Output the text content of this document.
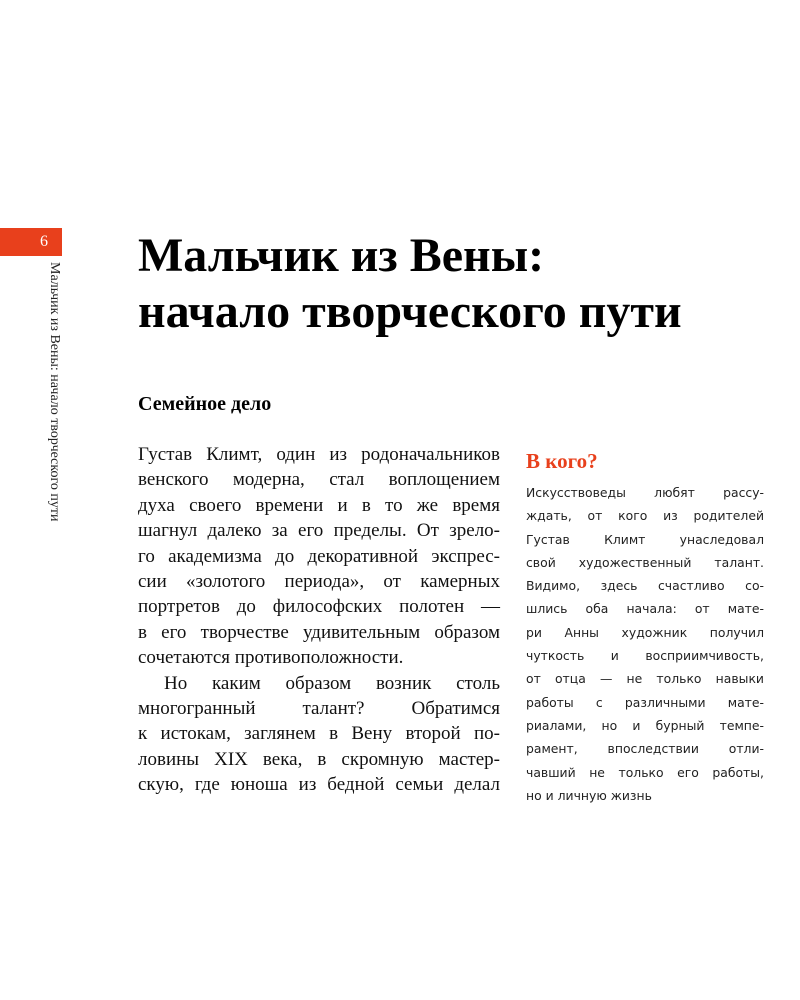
6
Мальчик из Вены: начало творческого пути
Мальчик из Вены:
начало творческого пути
Семейное дело
Густав Климт, один из родоначальников
венского модерна, стал воплощением
духа своего времени и в то же время
шагнул далеко за его пределы. От зрело-
го академизма до декоративной экспрес-
сии «золотого периода», от камерных
портретов до философских полотен —
в его творчестве удивительным образом
сочетаются противоположности.
Но каким образом возник столь
многогранный талант? Обратимся
к истокам, заглянем в Вену второй по-
ловины XIX века, в скромную мастер-
скую, где юноша из бедной семьи делал
В кого?
Искусствоведы любят рассу-
ждать, от кого из родителей
Густав Климт унаследовал
свой художественный талант.
Видимо, здесь счастливо со-
шлись оба начала: от мате-
ри Анны художник получил
чуткость и восприимчивость,
от отца — не только навыки
работы с различными мате-
риалами, но и бурный темпе-
рамент, впоследствии отли-
чавший не только его работы,
но и личную жизнь
